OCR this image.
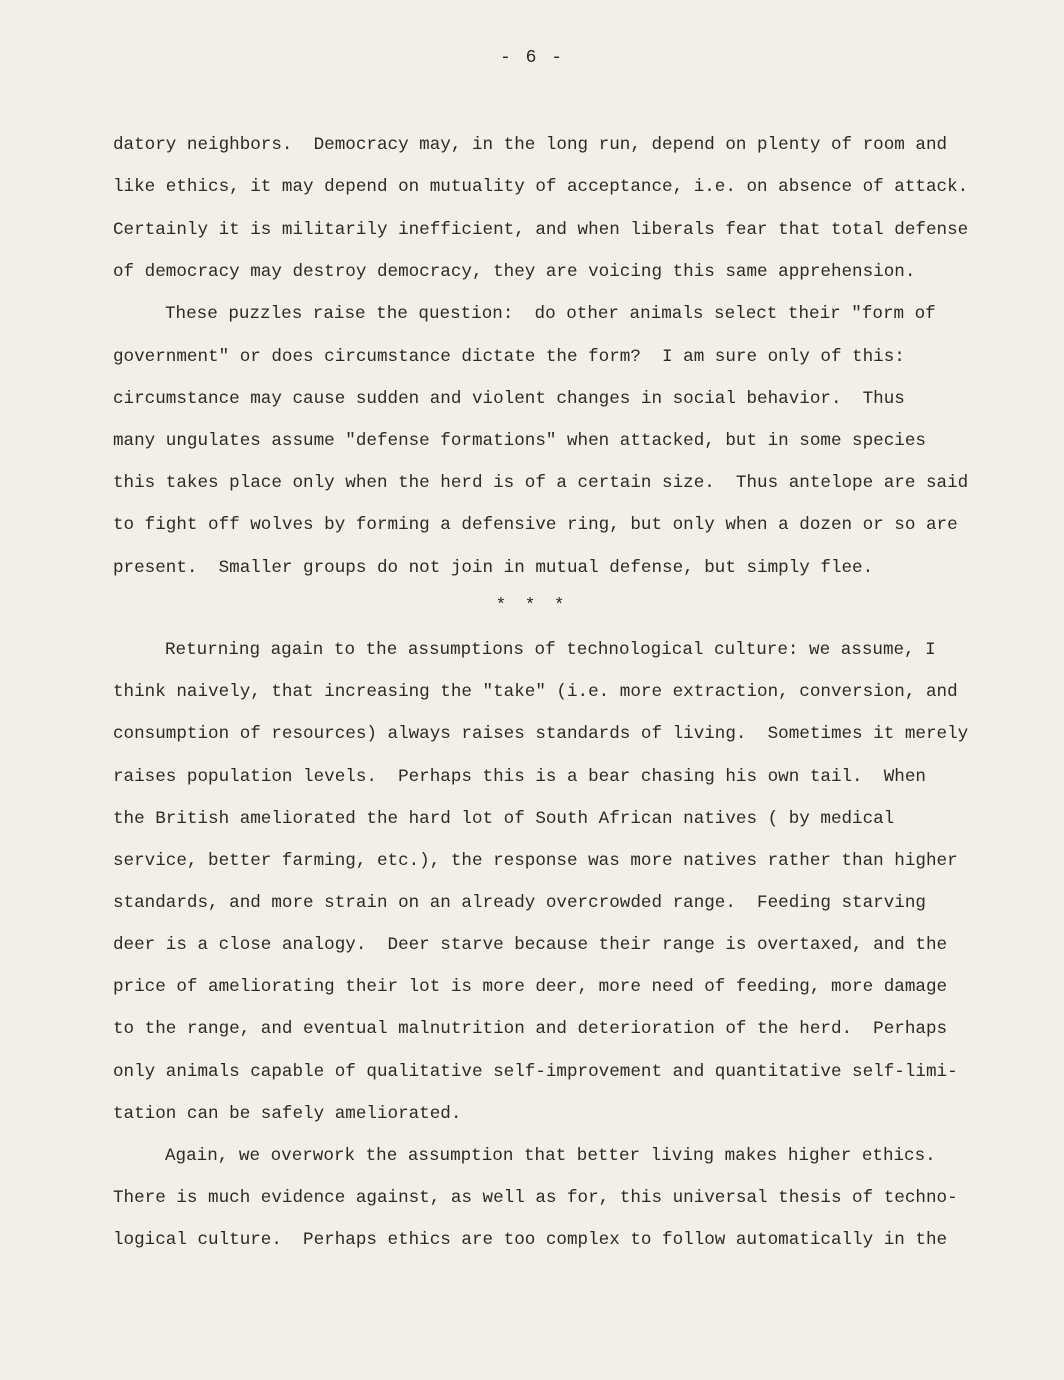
- 6 -
datory neighbors.  Democracy may, in the long run, depend on plenty of room and
like ethics, it may depend on mutuality of acceptance, i.e. on absence of attack.
Certainly it is militarily inefficient, and when liberals fear that total defense
of democracy may destroy democracy, they are voicing this same apprehension.
These puzzles raise the question:  do other animals select their "form of
government" or does circumstance dictate the form?  I am sure only of this:
circumstance may cause sudden and violent changes in social behavior.  Thus
many ungulates assume "defense formations" when attacked, but in some species
this takes place only when the herd is of a certain size.  Thus antelope are said
to fight off wolves by forming a defensive ring, but only when a dozen or so are
present.  Smaller groups do not join in mutual defense, but simply flee.
* * *
Returning again to the assumptions of technological culture: we assume, I
think naively, that increasing the "take" (i.e. more extraction, conversion, and
consumption of resources) always raises standards of living.  Sometimes it merely
raises population levels.  Perhaps this is a bear chasing his own tail.  When
the British ameliorated the hard lot of South African natives ( by medical
service, better farming, etc.), the response was more natives rather than higher
standards, and more strain on an already overcrowded range.  Feeding starving
deer is a close analogy.  Deer starve because their range is overtaxed, and the
price of ameliorating their lot is more deer, more need of feeding, more damage
to the range, and eventual malnutrition and deterioration of the herd.  Perhaps
only animals capable of qualitative self-improvement and quantitative self-limi-
tation can be safely ameliorated.
Again, we overwork the assumption that better living makes higher ethics.
There is much evidence against, as well as for, this universal thesis of techno-
logical culture.  Perhaps ethics are too complex to follow automatically in the
